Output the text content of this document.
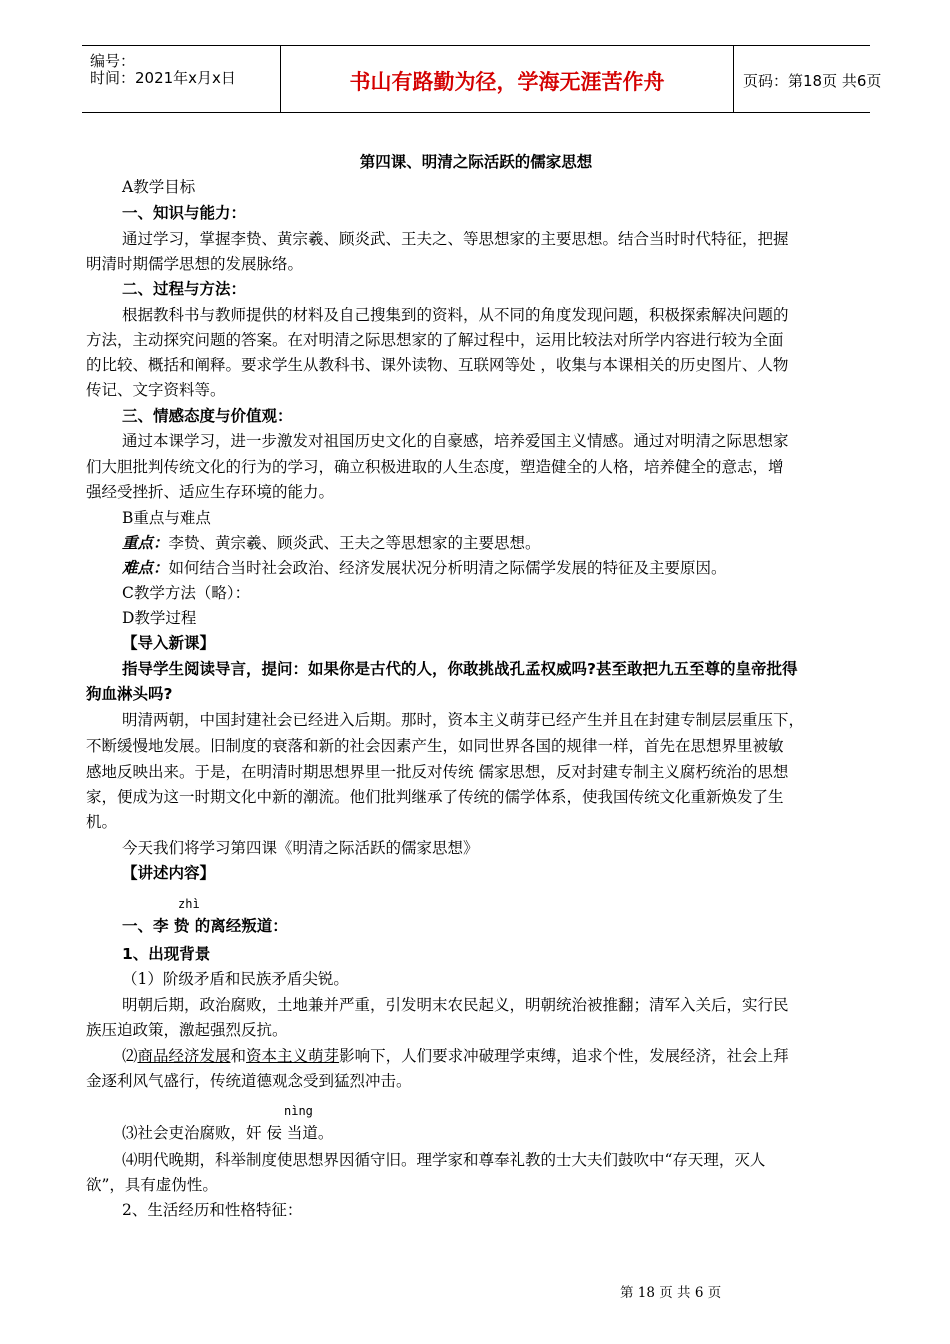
编号：
时间：2021年x月x日	书山有路勤为径，学海无涯苦作舟	页码：第18页 共6页
第四课、明清之际活跃的儒家思想
A教学目标
一、知识与能力：
通过学习，掌握李贽、黄宗羲、顾炎武、王夫之、等思想家的主要思想。结合当时时代特征，把握
明清时期儒学思想的发展脉络。
二、过程与方法：
根据教科书与教师提供的材料及自己搜集到的资料，从不同的角度发现问题，积极探索解决问题的
方法，主动探究问题的答案。在对明清之际思想家的了解过程中，运用比较法对所学内容进行较为全面
的比较、概括和阐释。要求学生从教科书、课外读物、互联网等处 ，收集与本课相关的历史图片、人物
传记、文字资料等。
三、情感态度与价值观：
通过本课学习，进一步激发对祖国历史文化的自豪感，培养爱国主义情感。通过对明清之际思想家
们大胆批判传统文化的行为的学习，确立积极进取的人生态度，塑造健全的人格，培养健全的意志，增
强经受挫折、适应生存环境的能力。
B重点与难点
重点：李贽、黄宗羲、顾炎武、王夫之等思想家的主要思想。
难点：如何结合当时社会政治、经济发展状况分析明清之际儒学发展的特征及主要原因。
C教学方法（略）：
D教学过程
【导入新课】
指导学生阅读导言，提问：如果你是古代的人，你敢挑战孔孟权威吗?甚至敢把九五至尊的皇帝批得
狗血淋头吗?
明清两朝，中国封建社会已经进入后期。那时，资本主义萌芽已经产生并且在封建专制层层重压下，
不断缓慢地发展。旧制度的衰落和新的社会因素产生，如同世界各国的规律一样，首先在思想界里被敏
感地反映出来。于是，在明清时期思想界里一批反对传统 儒家思想，反对封建专制主义腐朽统治的思想
家，便成为这一时期文化中新的潮流。他们批判继承了传统的儒学体系，使我国传统文化重新焕发了生
机。
今天我们将学习第四课《明清之际活跃的儒家思想》
【讲述内容】
zhì
一、李 贽 的离经叛道：
1、出现背景
（1）阶级矛盾和民族矛盾尖锐。
明朝后期，政治腐败，土地兼并严重，引发明末农民起义，明朝统治被推翻；清军入关后，实行民
族压迫政策，激起强烈反抗。
⑵商品经济发展和资本主义萌芽影响下，人们要求冲破理学束缚，追求个性，发展经济，社会上拜
金逐利风气盛行，传统道德观念受到猛烈冲击。
nìng
⑶社会吏治腐败，奸 佞 当道。
⑷明代晚期，科举制度使思想界因循守旧。理学家和尊奉礼教的士大夫们鼓吹中“存天理，灭人
欲”，具有虚伪性。
2、生活经历和性格特征：
第 18 页 共 6 页
